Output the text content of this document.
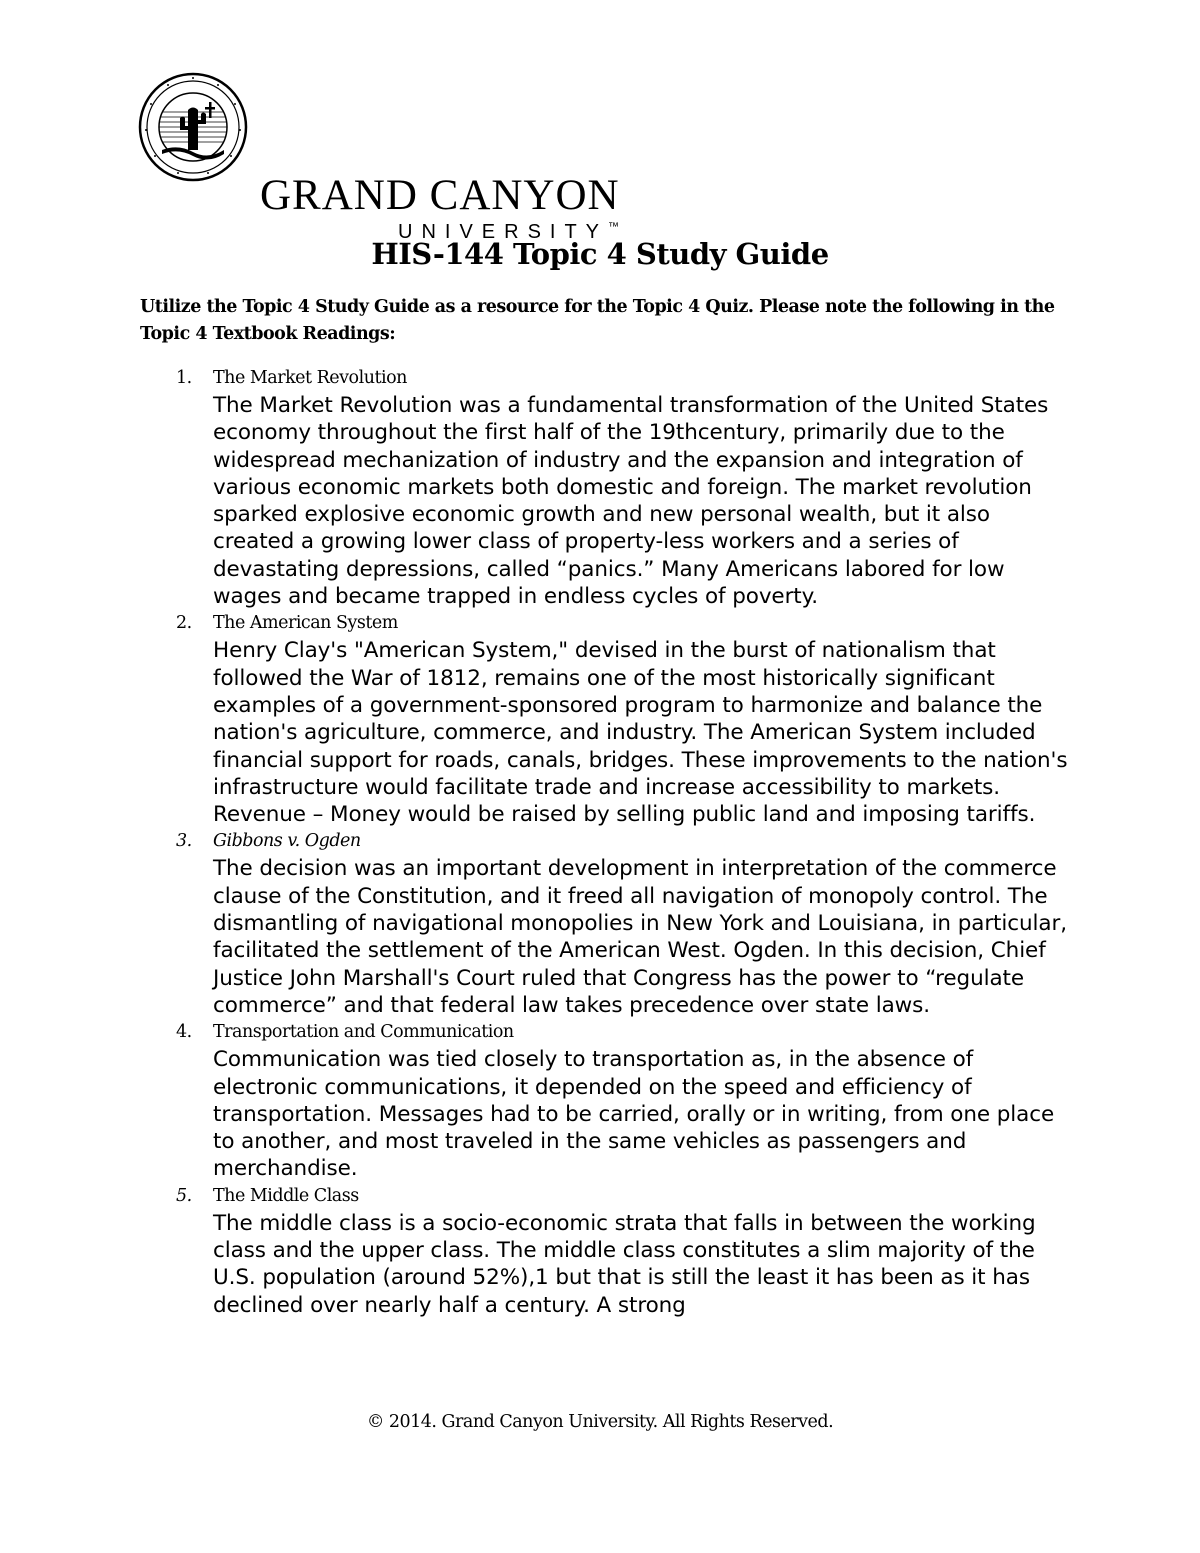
GRAND CANYON
UNIVERSITY™
HIS-144 Topic 4 Study Guide
Utilize the Topic 4 Study Guide as a resource for the Topic 4 Quiz. Please note the following in the Topic 4 Textbook Readings:
1. The Market Revolution
The Market Revolution was a fundamental transformation of the United States economy throughout the first half of the 19thcentury, primarily due to the widespread mechanization of industry and the expansion and integration of various economic markets both domestic and foreign. The market revolution sparked explosive economic growth and new personal wealth, but it also created a growing lower class of property-less workers and a series of devastating depressions, called “panics.” Many Americans labored for low wages and became trapped in endless cycles of poverty.
2. The American System
Henry Clay's "American System," devised in the burst of nationalism that followed the War of 1812, remains one of the most historically significant examples of a government-sponsored program to harmonize and balance the nation's agriculture, commerce, and industry. The American System included financial support for roads, canals, bridges. These improvements to the nation's infrastructure would facilitate trade and increase accessibility to markets. Revenue – Money would be raised by selling public land and imposing tariffs.
3. Gibbons v. Ogden
The decision was an important development in interpretation of the commerce clause of the Constitution, and it freed all navigation of monopoly control. The dismantling of navigational monopolies in New York and Louisiana, in particular, facilitated the settlement of the American West. Ogden. In this decision, Chief Justice John Marshall's Court ruled that Congress has the power to “regulate commerce” and that federal law takes precedence over state laws.
4. Transportation and Communication
Communication was tied closely to transportation as, in the absence of electronic communications, it depended on the speed and efficiency of transportation. Messages had to be carried, orally or in writing, from one place to another, and most traveled in the same vehicles as passengers and merchandise.
5. The Middle Class
The middle class is a socio-economic strata that falls in between the working class and the upper class. The middle class constitutes a slim majority of the U.S. population (around 52%),1 but that is still the least it has been as it has declined over nearly half a century. A strong
© 2014. Grand Canyon University. All Rights Reserved.
